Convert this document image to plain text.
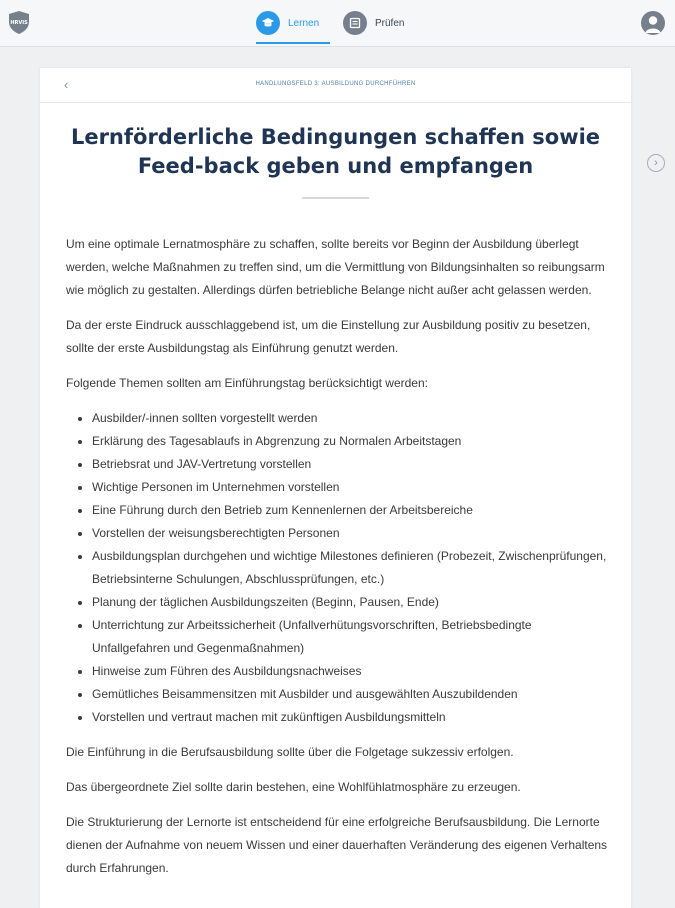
HRVIS	Lernen	Prüfen
‹	HANDLUNGSFELD 3: AUSBILDUNG DURCHFÜHREN
Lernförderliche Bedingungen schaffen sowie Feed-back geben und empfangen

Um eine optimale Lernatmosphäre zu schaffen, sollte bereits vor Beginn der Ausbildung überlegt werden, welche Maßnahmen zu treffen sind, um die Vermittlung von Bildungsinhalten so reibungsarm wie möglich zu gestalten. Allerdings dürfen betriebliche Belange nicht außer acht gelassen werden.

Da der erste Eindruck ausschlaggebend ist, um die Einstellung zur Ausbildung positiv zu besetzen, sollte der erste Ausbildungstag als Einführung genutzt werden.

Folgende Themen sollten am Einführungstag berücksichtigt werden:

• Ausbilder/-innen sollten vorgestellt werden
• Erklärung des Tagesablaufs in Abgrenzung zu Normalen Arbeitstagen
• Betriebsrat und JAV-Vertretung vorstellen
• Wichtige Personen im Unternehmen vorstellen
• Eine Führung durch den Betrieb zum Kennenlernen der Arbeitsbereiche
• Vorstellen der weisungsberechtigten Personen
• Ausbildungsplan durchgehen und wichtige Milestones definieren (Probezeit, Zwischenprüfungen, Betriebsinterne Schulungen, Abschlussprüfungen, etc.)
• Planung der täglichen Ausbildungszeiten (Beginn, Pausen, Ende)
• Unterrichtung zur Arbeitssicherheit (Unfallverhütungsvorschriften, Betriebsbedingte Unfallgefahren und Gegenmaßnahmen)
• Hinweise zum Führen des Ausbildungsnachweises
• Gemütliches Beisammensitzen mit Ausbilder und ausgewählten Auszubildenden
• Vorstellen und vertraut machen mit zukünftigen Ausbildungsmitteln

Die Einführung in die Berufsausbildung sollte über die Folgetage sukzessiv erfolgen.

Das übergeordnete Ziel sollte darin bestehen, eine Wohlfühlatmosphäre zu erzeugen.

Die Strukturierung der Lernorte ist entscheidend für eine erfolgreiche Berufsausbildung. Die Lernorte dienen der Aufnahme von neuem Wissen und einer dauerhaften Veränderung des eigenen Verhaltens durch Erfahrungen.

›
